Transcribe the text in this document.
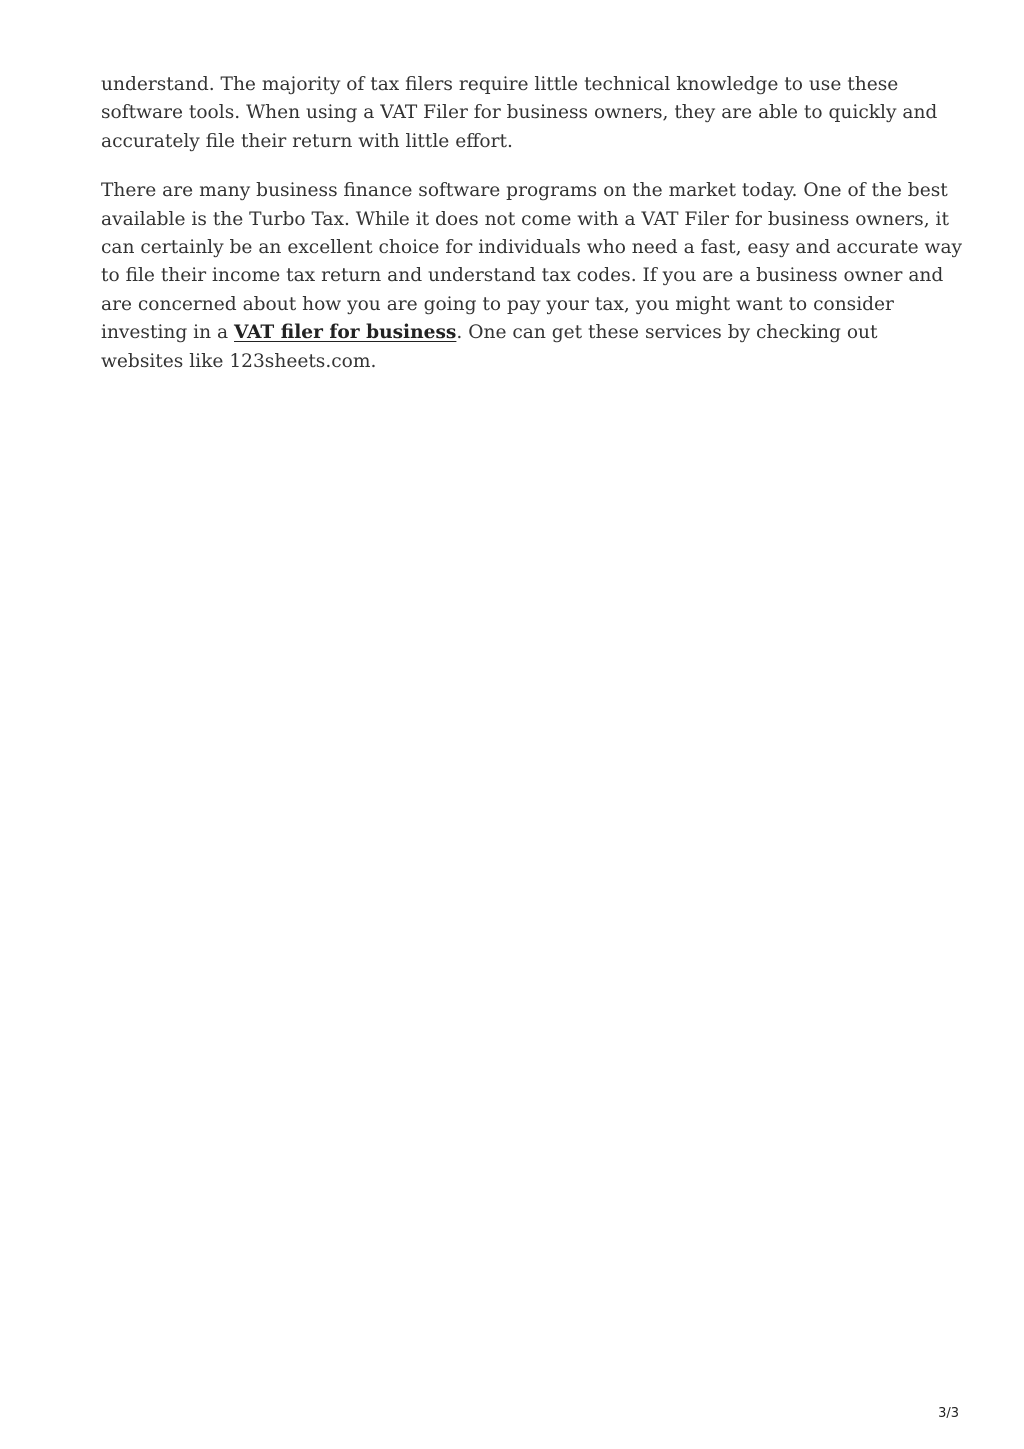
understand. The majority of tax filers require little technical knowledge to use these
software tools. When using a VAT Filer for business owners, they are able to quickly and
accurately file their return with little effort.

There are many business finance software programs on the market today. One of the best
available is the Turbo Tax. While it does not come with a VAT Filer for business owners, it
can certainly be an excellent choice for individuals who need a fast, easy and accurate way
to file their income tax return and understand tax codes. If you are a business owner and
are concerned about how you are going to pay your tax, you might want to consider
investing in a VAT filer for business. One can get these services by checking out
websites like 123sheets.com.

3/3
